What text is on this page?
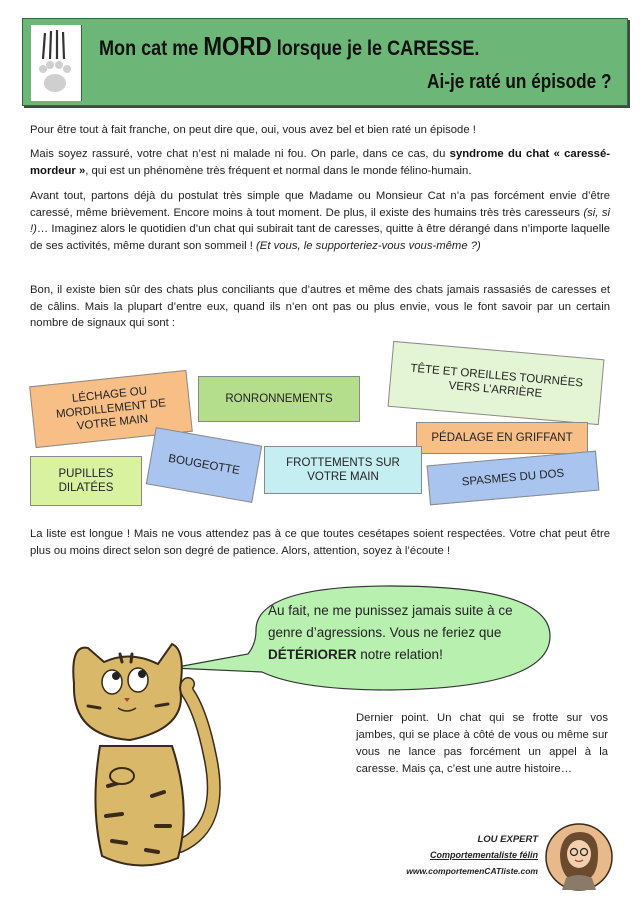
Mon cat me MORD lorsque je le CARESSE.
Ai-je raté un épisode ?

Pour être tout à fait franche, on peut dire que, oui, vous avez bel et bien raté un épisode !

Mais soyez rassuré, votre chat n’est ni malade ni fou. On parle, dans ce cas, du syndrome du chat « caressé-mordeur », qui est un phénomène très fréquent et normal dans le monde félino-humain.

Avant tout, partons déjà du postulat très simple que Madame ou Monsieur Cat n’a pas forcément envie d’être caressé, même brièvement. Encore moins à tout moment. De plus, il existe des humains très très caresseurs (si, si !)… Imaginez alors le quotidien d’un chat qui subirait tant de caresses, quitte à être dérangé dans n’importe laquelle de ses activités, même durant son sommeil ! (Et vous, le supporteriez-vous vous-même ?)

Bon, il existe bien sûr des chats plus conciliants que d’autres et même des chats jamais rassasiés de caresses et de câlins. Mais la plupart d’entre eux, quand ils n’en ont pas ou plus envie, vous le font savoir par un certain nombre de signaux qui sont :

LÉCHAGE OU MORDILLEMENT DE VOTRE MAIN
RONRONNEMENTS
TÊTE ET OREILLES TOURNÉES VERS L’ARRIÈRE
PÉDALAGE EN GRIFFANT
PUPILLES DILATÉES
BOUGEOTTE	FROTTEMENTS SUR VOTRE MAIN	SPASMES DU DOS

La liste est longue ! Mais ne vous attendez pas à ce que toutes cesétapes soient respectées. Votre chat peut être plus ou moins direct selon son degré de patience. Alors, attention, soyez à l’écoute !

Au fait, ne me punissez jamais suite à ce genre d’agressions. Vous ne feriez que DÉTÉRIORER notre relation!

Dernier point. Un chat qui se frotte sur vos jambes, qui se place à côté de vous ou même sur vous ne lance pas forcément un appel à la caresse. Mais ça, c’est une autre histoire…

LOU EXPERT
Comportementaliste félin
www.comportemenCATliste.com
